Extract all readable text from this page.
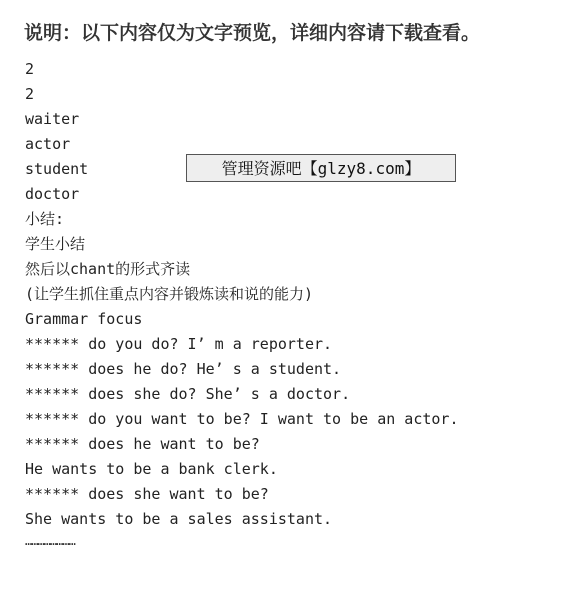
说明：以下内容仅为文字预览，详细内容请下载查看。
2
2
waiter
actor
student
doctor
小结:
学生小结
然后以chant的形式齐读
(让学生抓住重点内容并锻炼读和说的能力)
Grammar focus
****** do you do? I’ m a reporter.
****** does he do? He’ s a student.
****** does she do? She’ s a doctor.
****** do you want to be? I want to be an actor.
****** does he want to be?
He wants to be a bank clerk.
****** does she want to be?
She wants to be a sales assistant.
……………………
管理资源吧【glzy8.com】
